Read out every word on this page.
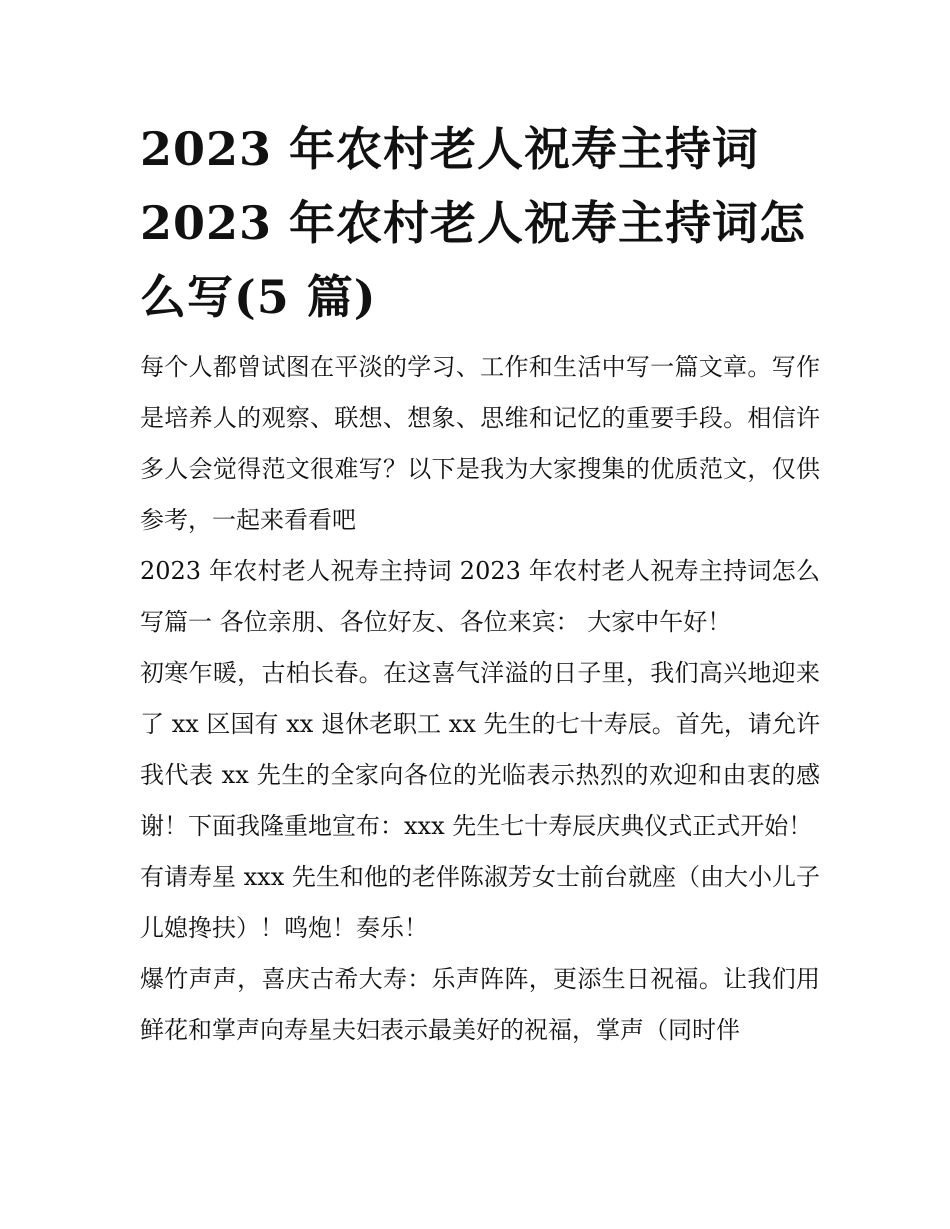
2023 年农村老人祝寿主持词
2023 年农村老人祝寿主持词怎
么写(5 篇)

每个人都曾试图在平淡的学习、工作和生活中写一篇文章。写作是培养人的观察、联想、想象、思维和记忆的重要手段。相信许多人会觉得范文很难写？以下是我为大家搜集的优质范文，仅供参考，一起来看看吧

2023 年农村老人祝寿主持词 2023 年农村老人祝寿主持词怎么写篇一 各位亲朋、各位好友、各位来宾： 大家中午好！

初寒乍暖，古柏长春。在这喜气洋溢的日子里，我们高兴地迎来了 xx 区国有 xx 退休老职工 xx 先生的七十寿辰。首先，请允许我代表 xx 先生的全家向各位的光临表示热烈的欢迎和由衷的感谢！下面我隆重地宣布：xxx 先生七十寿辰庆典仪式正式开始！

有请寿星 xxx 先生和他的老伴陈淑芳女士前台就座（由大小儿子儿媳搀扶）！鸣炮！奏乐！

爆竹声声，喜庆古希大寿：乐声阵阵，更添生日祝福。让我们用鲜花和掌声向寿星夫妇表示最美好的祝福，掌声（同时伴
